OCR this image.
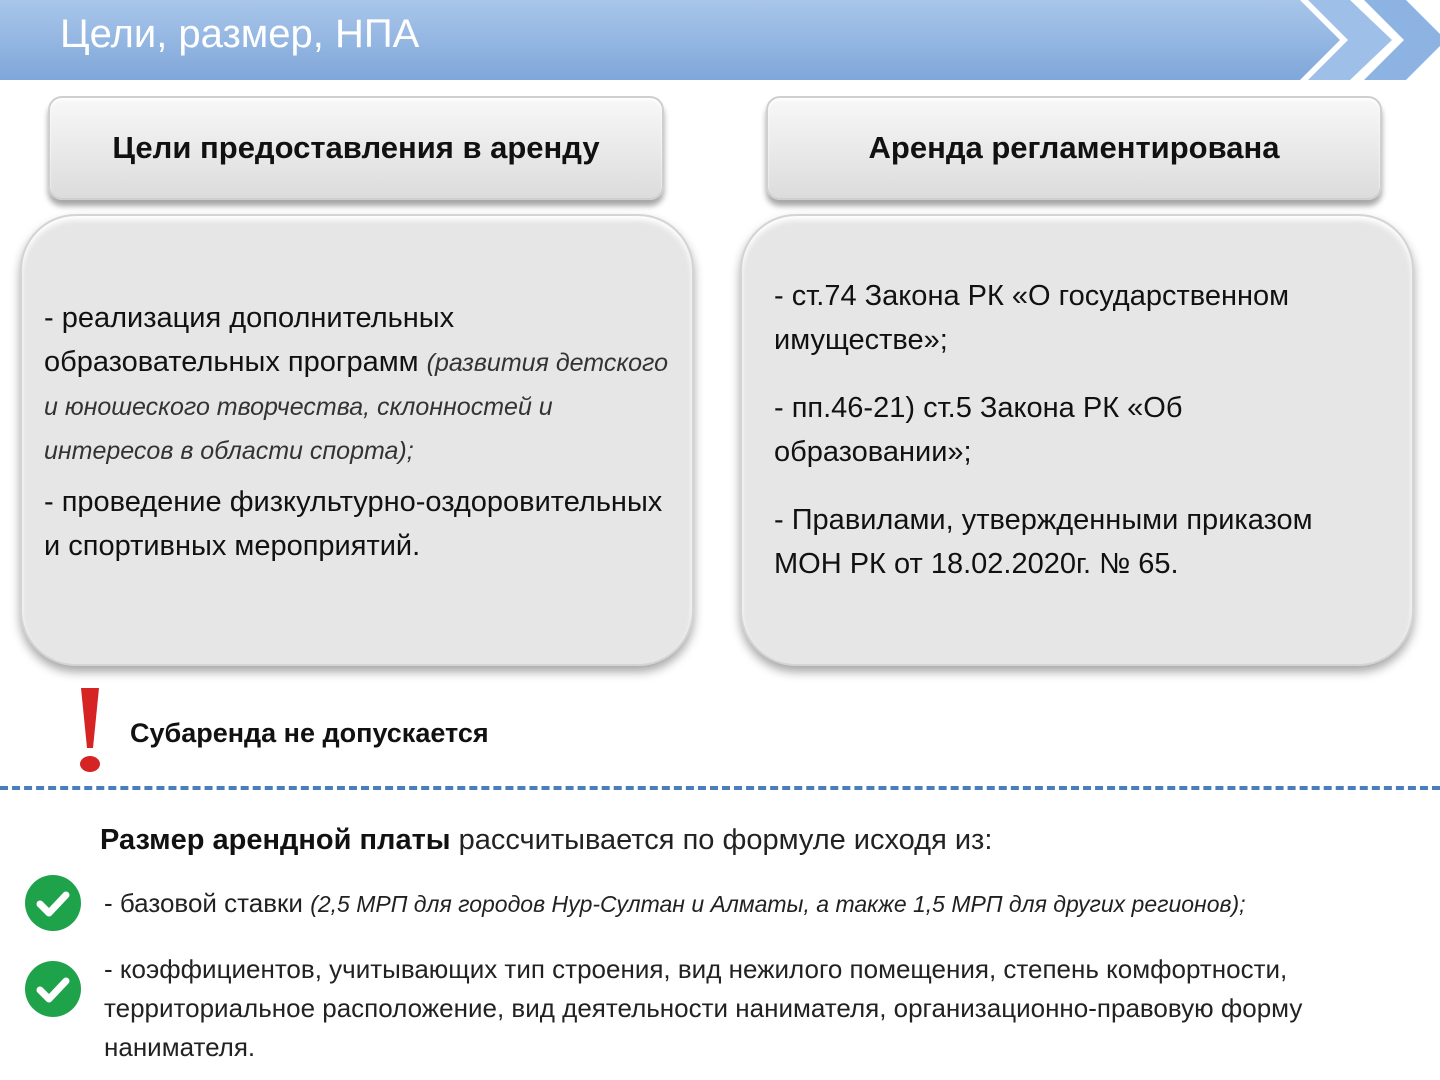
Цели, размер, НПА
Цели предоставления в аренду	Аренда регламентирована

- реализация дополнительных образовательных программ (развития детского и юношеского творчества, склонностей и интересов в области спорта);

- проведение физкультурно-оздоровительных и спортивных мероприятий.

- ст.74 Закона РК «О государственном имуществе»;

- пп.46-21) ст.5 Закона РК «Об образовании»;

- Правилами, утвержденными приказом МОН РК от 18.02.2020г. № 65.

Субаренда не допускается
Размер арендной платы рассчитывается по формуле исходя из:
- базовой ставки (2,5 МРП для городов Нур-Султан и Алматы, а также 1,5 МРП для других регионов);
- коэффициентов, учитывающих тип строения, вид нежилого помещения, степень комфортности, территориальное расположение, вид деятельности нанимателя, организационно-правовую форму нанимателя.
